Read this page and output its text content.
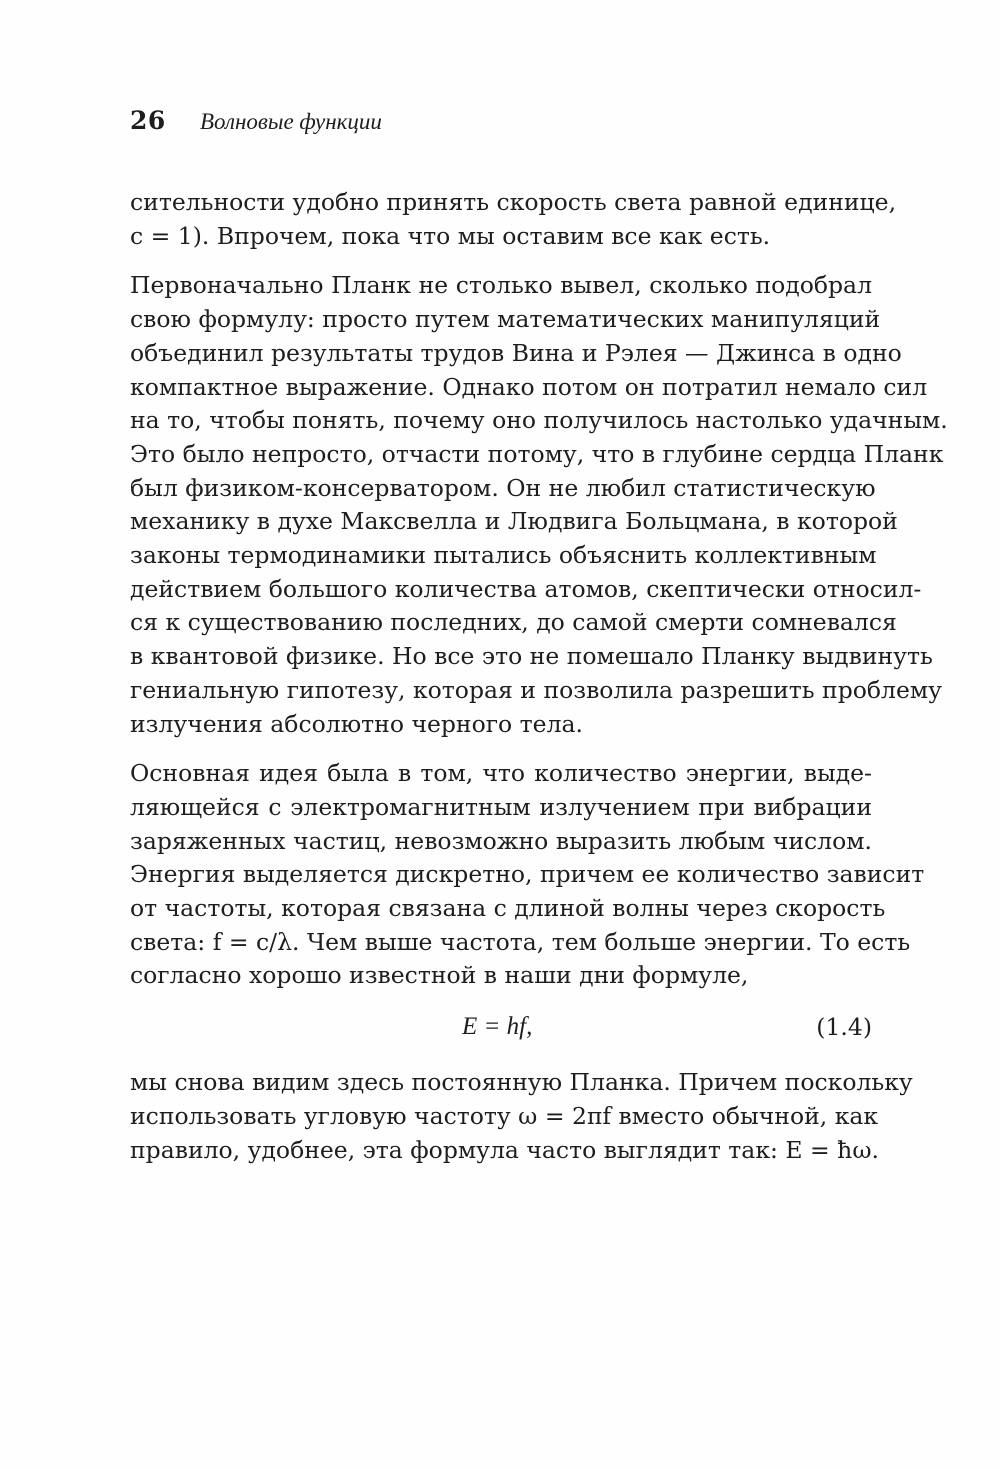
26	Волновые функции

сительности удобно принять скорость света равной единице,
c = 1). Впрочем, пока что мы оставим все как есть.

Первоначально Планк не столько вывел, сколько подобрал
свою формулу: просто путем математических манипуляций
объединил результаты трудов Вина и Рэлея — Джинса в одно
компактное выражение. Однако потом он потратил немало сил
на то, чтобы понять, почему оно получилось настолько удачным.
Это было непросто, отчасти потому, что в глубине сердца Планк
был физиком-консерватором. Он не любил статистическую
механику в духе Максвелла и Людвига Больцмана, в которой
законы термодинамики пытались объяснить коллективным
действием большого количества атомов, скептически относил-
ся к существованию последних, до самой смерти сомневался
в квантовой физике. Но все это не помешало Планку выдвинуть
гениальную гипотезу, которая и позволила разрешить проблему
излучения абсолютно черного тела.

Основная идея была в том, что количество энергии, выде-
ляющейся с электромагнитным излучением при вибрации
заряженных частиц, невозможно выразить любым числом.
Энергия выделяется дискретно, причем ее количество зависит
от частоты, которая связана с длиной волны через скорость
света: f = c/λ. Чем выше частота, тем больше энергии. То есть
согласно хорошо известной в наши дни формуле,

E = hf,	(1.4)

мы снова видим здесь постоянную Планка. Причем поскольку
использовать угловую частоту ω = 2πf вместо обычной, как
правило, удобнее, эта формула часто выглядит так: E = ħω.
